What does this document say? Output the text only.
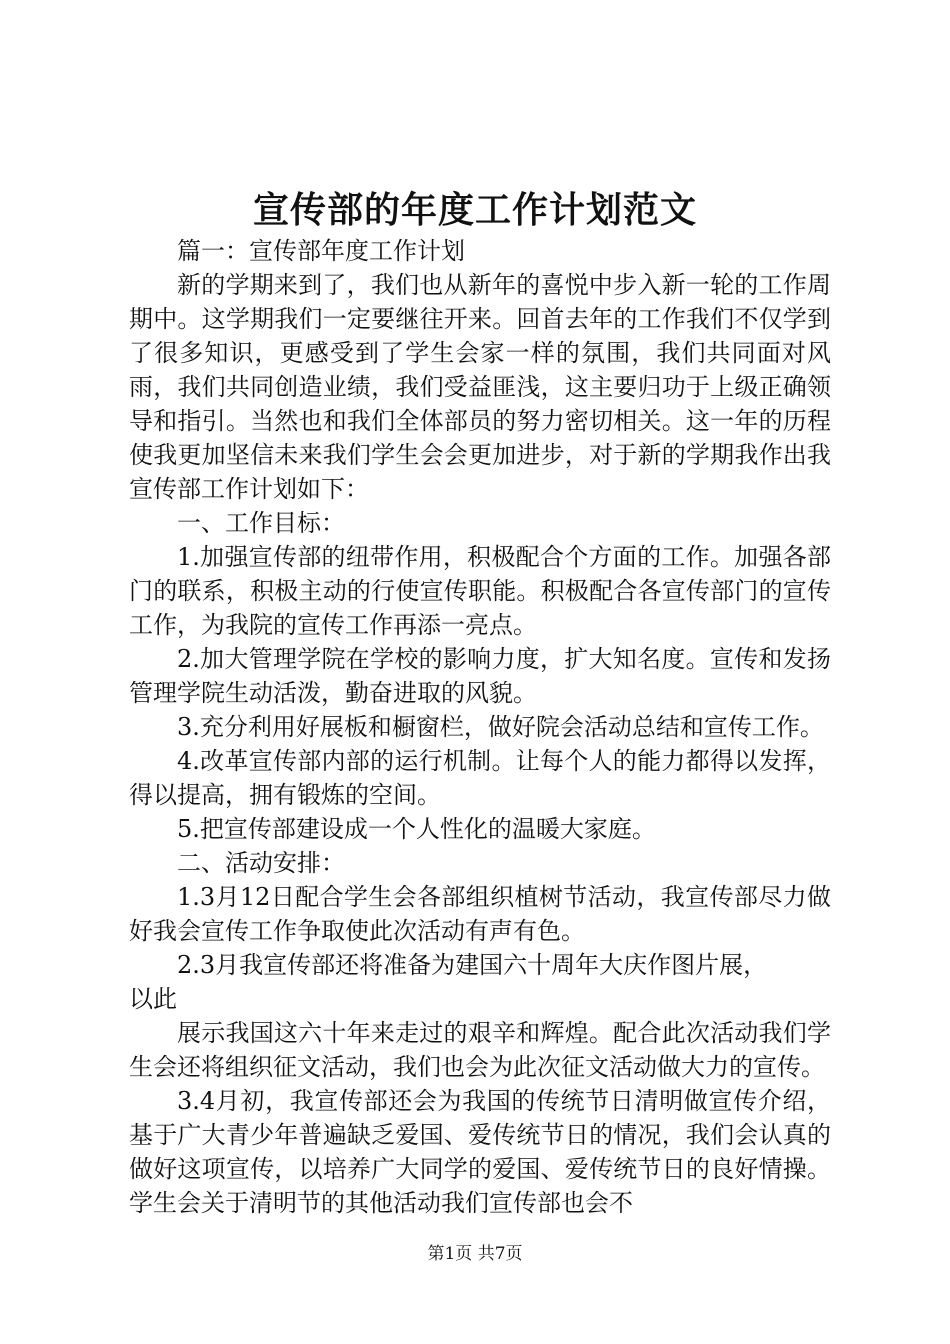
宣传部的年度工作计划范文

篇一：宣传部年度工作计划

新的学期来到了，我们也从新年的喜悦中步入新一轮的工作周期中。这学期我们一定要继往开来。回首去年的工作我们不仅学到了很多知识，更感受到了学生会家一样的氛围，我们共同面对风雨，我们共同创造业绩，我们受益匪浅，这主要归功于上级正确领导和指引。当然也和我们全体部员的努力密切相关。这一年的历程使我更加坚信未来我们学生会会更加进步，对于新的学期我作出我宣传部工作计划如下：

一、工作目标：

1.加强宣传部的纽带作用，积极配合个方面的工作。加强各部门的联系，积极主动的行使宣传职能。积极配合各宣传部门的宣传工作，为我院的宣传工作再添一亮点。

2.加大管理学院在学校的影响力度，扩大知名度。宣传和发扬管理学院生动活泼，勤奋进取的风貌。

3.充分利用好展板和橱窗栏，做好院会活动总结和宣传工作。

4.改革宣传部内部的运行机制。让每个人的能力都得以发挥，得以提高，拥有锻炼的空间。

5.把宣传部建设成一个人性化的温暖大家庭。

二、活动安排：

1.3月12日配合学生会各部组织植树节活动，我宣传部尽力做好我会宣传工作争取使此次活动有声有色。

2.3月我宣传部还将准备为建国六十周年大庆作图片展，

以此

展示我国这六十年来走过的艰辛和辉煌。配合此次活动我们学生会还将组织征文活动，我们也会为此次征文活动做大力的宣传。

3.4月初，我宣传部还会为我国的传统节日清明做宣传介绍，基于广大青少年普遍缺乏爱国、爱传统节日的情况，我们会认真的做好这项宣传，以培养广大同学的爱国、爱传统节日的良好情操。学生会关于清明节的其他活动我们宣传部也会不

第1页 共7页
